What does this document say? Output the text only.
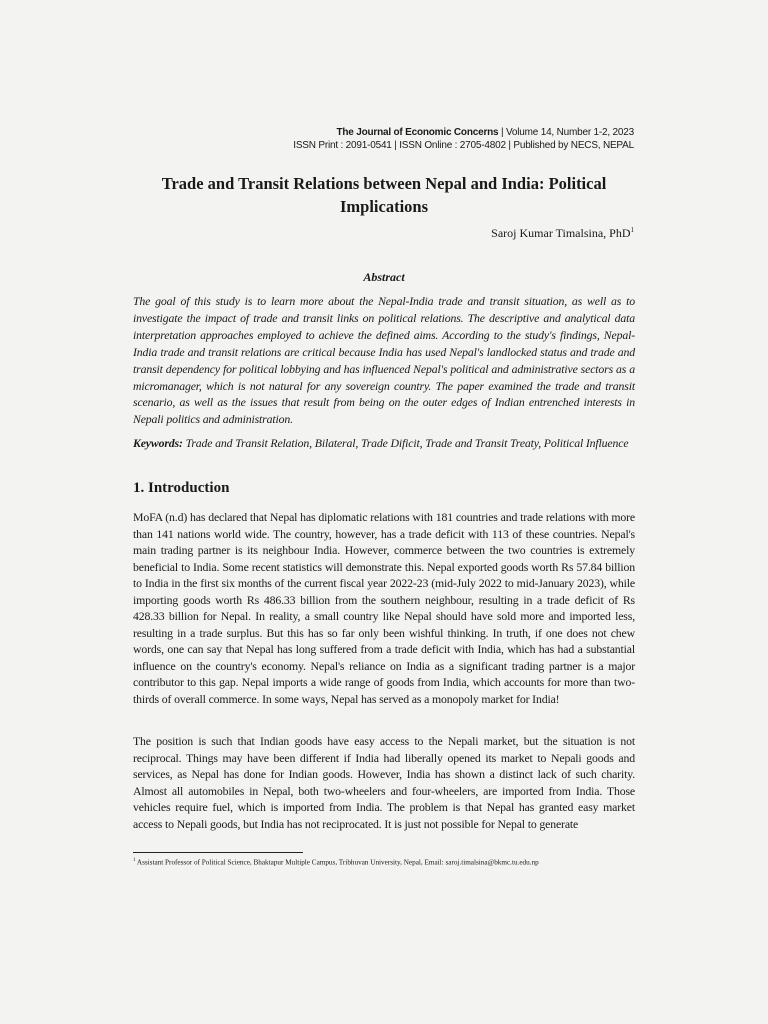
The Journal of Economic Concerns | Volume 14, Number 1-2, 2023
ISSN Print : 2091-0541 | ISSN Online : 2705-4802 | Published by NECS, NEPAL
Trade and Transit Relations between Nepal and India: Political Implications
Saroj Kumar Timalsina, PhD$^1$
Abstract

The goal of this study is to learn more about the Nepal-India trade and transit situation, as well as to investigate the impact of trade and transit links on political relations. The descriptive and analytical data interpretation approaches employed to achieve the defined aims. According to the study's findings, Nepal-India trade and transit relations are critical because India has used Nepal's landlocked status and trade and transit dependency for political lobbying and has influenced Nepal's political and administrative sectors as a micromanager, which is not natural for any sovereign country. The paper examined the trade and transit scenario, as well as the issues that result from being on the outer edges of Indian entrenched interests in Nepali politics and administration.

Keywords: Trade and Transit Relation, Bilateral, Trade Dificit, Trade and Transit Treaty, Political Influence

1. Introduction

MoFA (n.d) has declared that Nepal has diplomatic relations with 181 countries and trade relations with more than 141 nations world wide. The country, however, has a trade deficit with 113 of these countries. Nepal's main trading partner is its neighbour India. However, commerce between the two countries is extremely beneficial to India. Some recent statistics will demonstrate this. Nepal exported goods worth Rs 57.84 billion to India in the first six months of the current fiscal year 2022-23 (mid-July 2022 to mid-January 2023), while importing goods worth Rs 486.33 billion from the southern neighbour, resulting in a trade deficit of Rs 428.33 billion for Nepal. In reality, a small country like Nepal should have sold more and imported less, resulting in a trade surplus. But this has so far only been wishful thinking. In truth, if one does not chew words, one can say that Nepal has long suffered from a trade deficit with India, which has had a substantial influence on the country's economy. Nepal's reliance on India as a significant trading partner is a major contributor to this gap. Nepal imports a wide range of goods from India, which accounts for more than two-thirds of overall commerce. In some ways, Nepal has served as a monopoly market for India!

The position is such that Indian goods have easy access to the Nepali market, but the situation is not reciprocal. Things may have been different if India had liberally opened its market to Nepali goods and services, as Nepal has done for Indian goods. However, India has shown a distinct lack of such charity. Almost all automobiles in Nepal, both two-wheelers and four-wheelers, are imported from India. Those vehicles require fuel, which is imported from India. The problem is that Nepal has granted easy market access to Nepali goods, but India has not reciprocated. It is just not possible for Nepal to generate

$^1$ Assistant Professor of Political Science, Bhaktapur Multiple Campus, Tribhuvan University, Nepal, Email: saroj.timalsina@bkmc.tu.edu.np
